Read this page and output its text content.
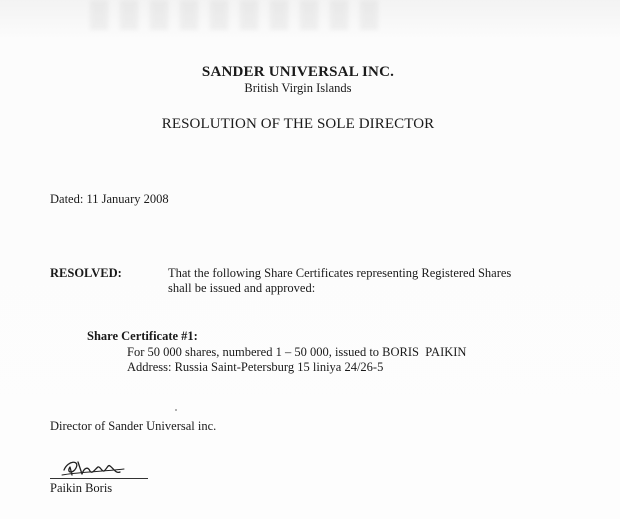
SANDER UNIVERSAL INC.
British Virgin Islands
RESOLUTION OF THE SOLE DIRECTOR
Dated: 11 January 2008
RESOLVED:	That the following Share Certificates representing Registered Shares
shall be issued and approved:
Share Certificate #1:
For 50 000 shares, numbered 1 – 50 000, issued to BORIS  PAIKIN
Address: Russia Saint-Petersburg 15 liniya 24/26-5
Director of Sander Universal inc.
Paikin Boris
